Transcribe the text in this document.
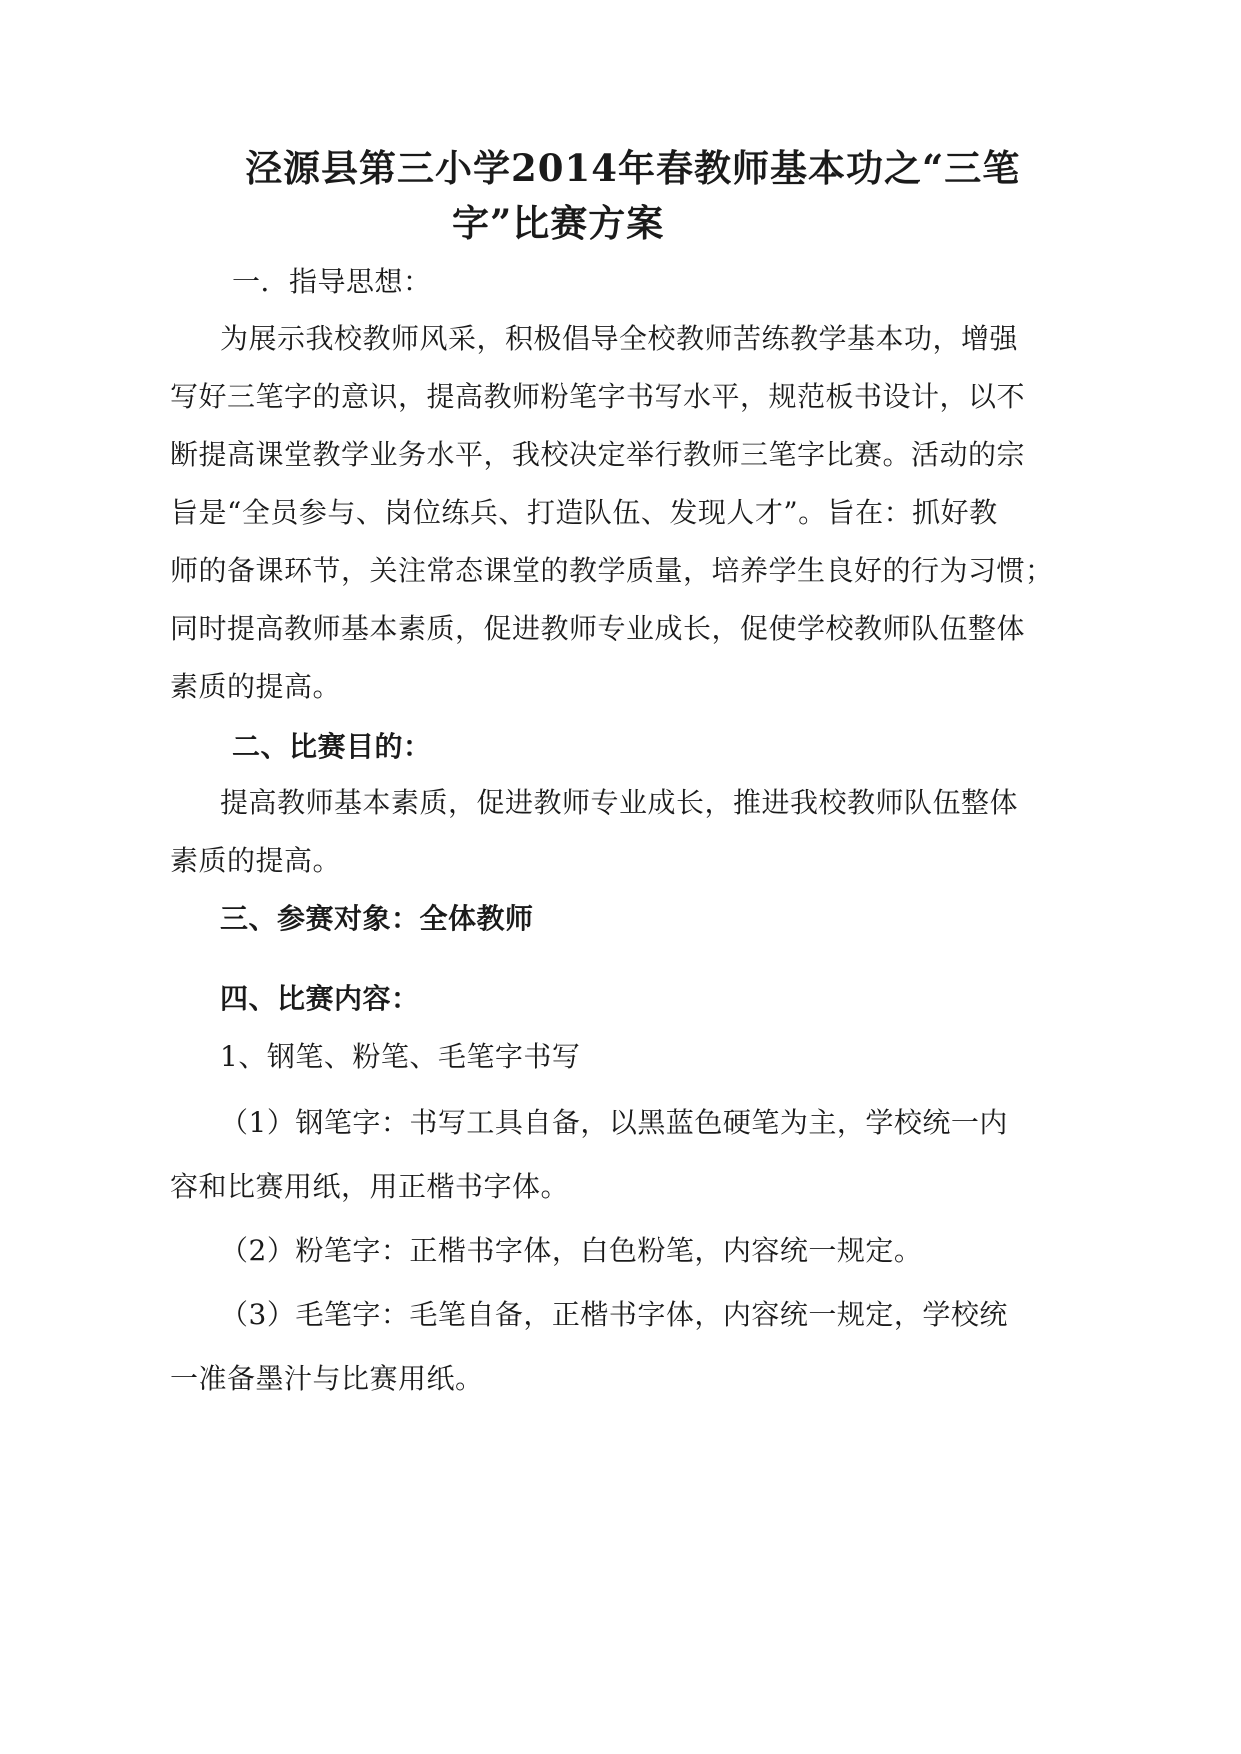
泾源县第三小学2014年春教师基本功之“三笔
字”比赛方案
一．指导思想：
为展示我校教师风采，积极倡导全校教师苦练教学基本功，增强
写好三笔字的意识，提高教师粉笔字书写水平，规范板书设计，以不
断提高课堂教学业务水平，我校决定举行教师三笔字比赛。活动的宗
旨是“全员参与、岗位练兵、打造队伍、发现人才”。旨在：抓好教
师的备课环节，关注常态课堂的教学质量，培养学生良好的行为习惯；
同时提高教师基本素质，促进教师专业成长，促使学校教师队伍整体
素质的提高。
二、比赛目的：
提高教师基本素质，促进教师专业成长，推进我校教师队伍整体
素质的提高。
三、参赛对象：全体教师
四、比赛内容：
1、钢笔、粉笔、毛笔字书写
（1）钢笔字：书写工具自备，以黑蓝色硬笔为主，学校统一内
容和比赛用纸，用正楷书字体。
（2）粉笔字：正楷书字体，白色粉笔，内容统一规定。
（3）毛笔字：毛笔自备，正楷书字体，内容统一规定，学校统
一准备墨汁与比赛用纸。
